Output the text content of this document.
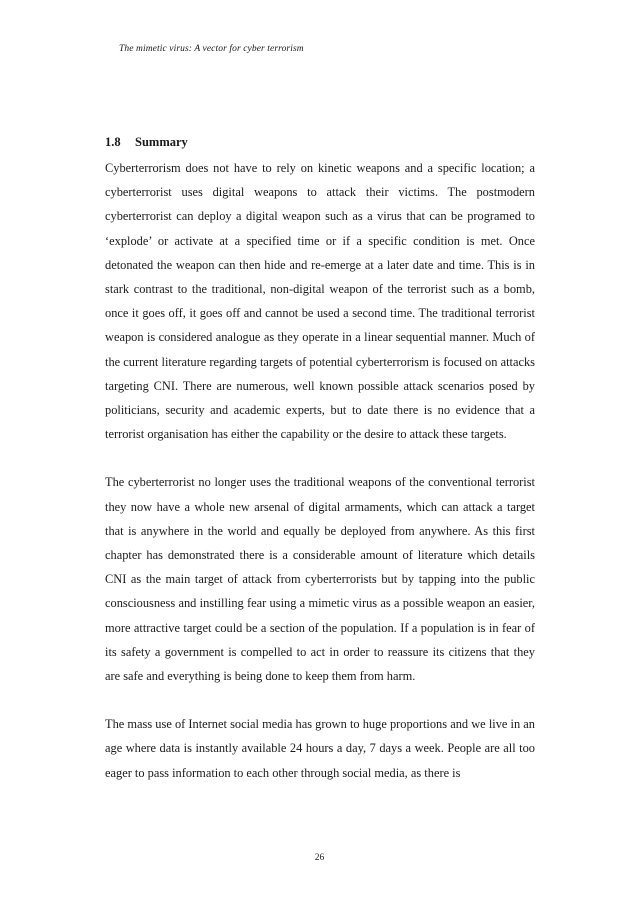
The mimetic virus: A vector for cyber terrorism
1.8 Summary

Cyberterrorism does not have to rely on kinetic weapons and a specific location; a cyberterrorist uses digital weapons to attack their victims. The postmodern cyberterrorist can deploy a digital weapon such as a virus that can be programed to ‘explode’ or activate at a specified time or if a specific condition is met. Once detonated the weapon can then hide and re-emerge at a later date and time. This is in stark contrast to the traditional, non-digital weapon of the terrorist such as a bomb, once it goes off, it goes off and cannot be used a second time. The traditional terrorist weapon is considered analogue as they operate in a linear sequential manner. Much of the current literature regarding targets of potential cyberterrorism is focused on attacks targeting CNI. There are numerous, well known possible attack scenarios posed by politicians, security and academic experts, but to date there is no evidence that a terrorist organisation has either the capability or the desire to attack these targets.

The cyberterrorist no longer uses the traditional weapons of the conventional terrorist they now have a whole new arsenal of digital armaments, which can attack a target that is anywhere in the world and equally be deployed from anywhere. As this first chapter has demonstrated there is a considerable amount of literature which details CNI as the main target of attack from cyberterrorists but by tapping into the public consciousness and instilling fear using a mimetic virus as a possible weapon an easier, more attractive target could be a section of the population. If a population is in fear of its safety a government is compelled to act in order to reassure its citizens that they are safe and everything is being done to keep them from harm.

The mass use of Internet social media has grown to huge proportions and we live in an age where data is instantly available 24 hours a day, 7 days a week. People are all too eager to pass information to each other through social media, as there is

26
